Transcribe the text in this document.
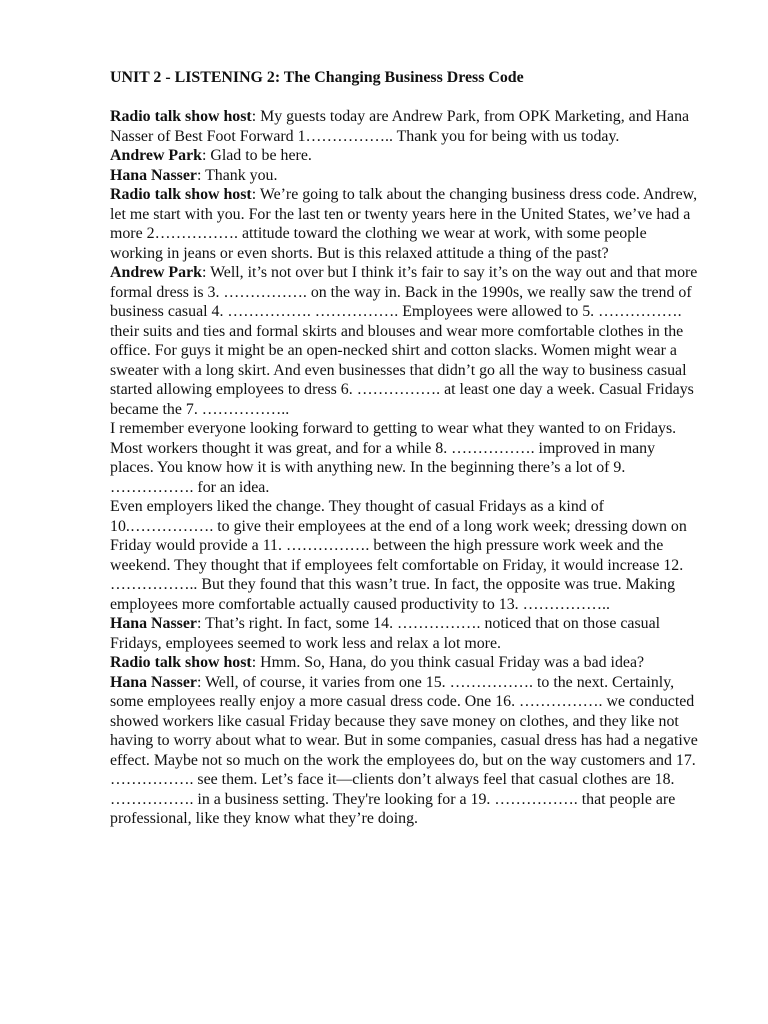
UNIT 2 - LISTENING 2: The Changing Business Dress Code

Radio talk show host: My guests today are Andrew Park, from OPK Marketing, and Hana Nasser of Best Foot Forward 1…………….. Thank you for being with us today.

Andrew Park: Glad to be here.

Hana Nasser: Thank you.

Radio talk show host: We’re going to talk about the changing business dress code. Andrew, let me start with you. For the last ten or twenty years here in the United States, we’ve had a more 2……………. attitude toward the clothing we wear at work, with some people working in jeans or even shorts. But is this relaxed attitude a thing of the past?

Andrew Park: Well, it’s not over but I think it’s fair to say it’s on the way out and that more formal dress is 3. ……………. on the way in. Back in the 1990s, we really saw the trend of business casual 4. ……………. ……………. Employees were allowed to 5. ……………. their suits and ties and formal skirts and blouses and wear more comfortable clothes in the office. For guys it might be an open-necked shirt and cotton slacks. Women might wear a sweater with a long skirt. And even businesses that didn’t go all the way to business casual started allowing employees to dress 6. ……………. at least one day a week. Casual Fridays became the 7. ……………..

I remember everyone looking forward to getting to wear what they wanted to on Fridays. Most workers thought it was great, and for a while 8. ……………. improved in many places. You know how it is with anything new. In the beginning there’s a lot of 9. ……………. for an idea.

Even employers liked the change. They thought of casual Fridays as a kind of 10.……………. to give their employees at the end of a long work week; dressing down on Friday would provide a 11. ……………. between the high pressure work week and the weekend. They thought that if employees felt comfortable on Friday, it would increase 12. …………….. But they found that this wasn’t true. In fact, the opposite was true. Making employees more comfortable actually caused productivity to 13. ……………..

Hana Nasser: That’s right. In fact, some 14. ……………. noticed that on those casual Fridays, employees seemed to work less and relax a lot more.

Radio talk show host: Hmm. So, Hana, do you think casual Friday was a bad idea?

Hana Nasser: Well, of course, it varies from one 15. ……………. to the next. Certainly, some employees really enjoy a more casual dress code. One 16. ……………. we conducted showed workers like casual Friday because they save money on clothes, and they like not having to worry about what to wear. But in some companies, casual dress has had a negative effect. Maybe not so much on the work the employees do, but on the way customers and 17. ……………. see them. Let’s face it—clients don’t always feel that casual clothes are 18. ……………. in a business setting. They're looking for a 19. ……………. that people are professional, like they know what they’re doing.
